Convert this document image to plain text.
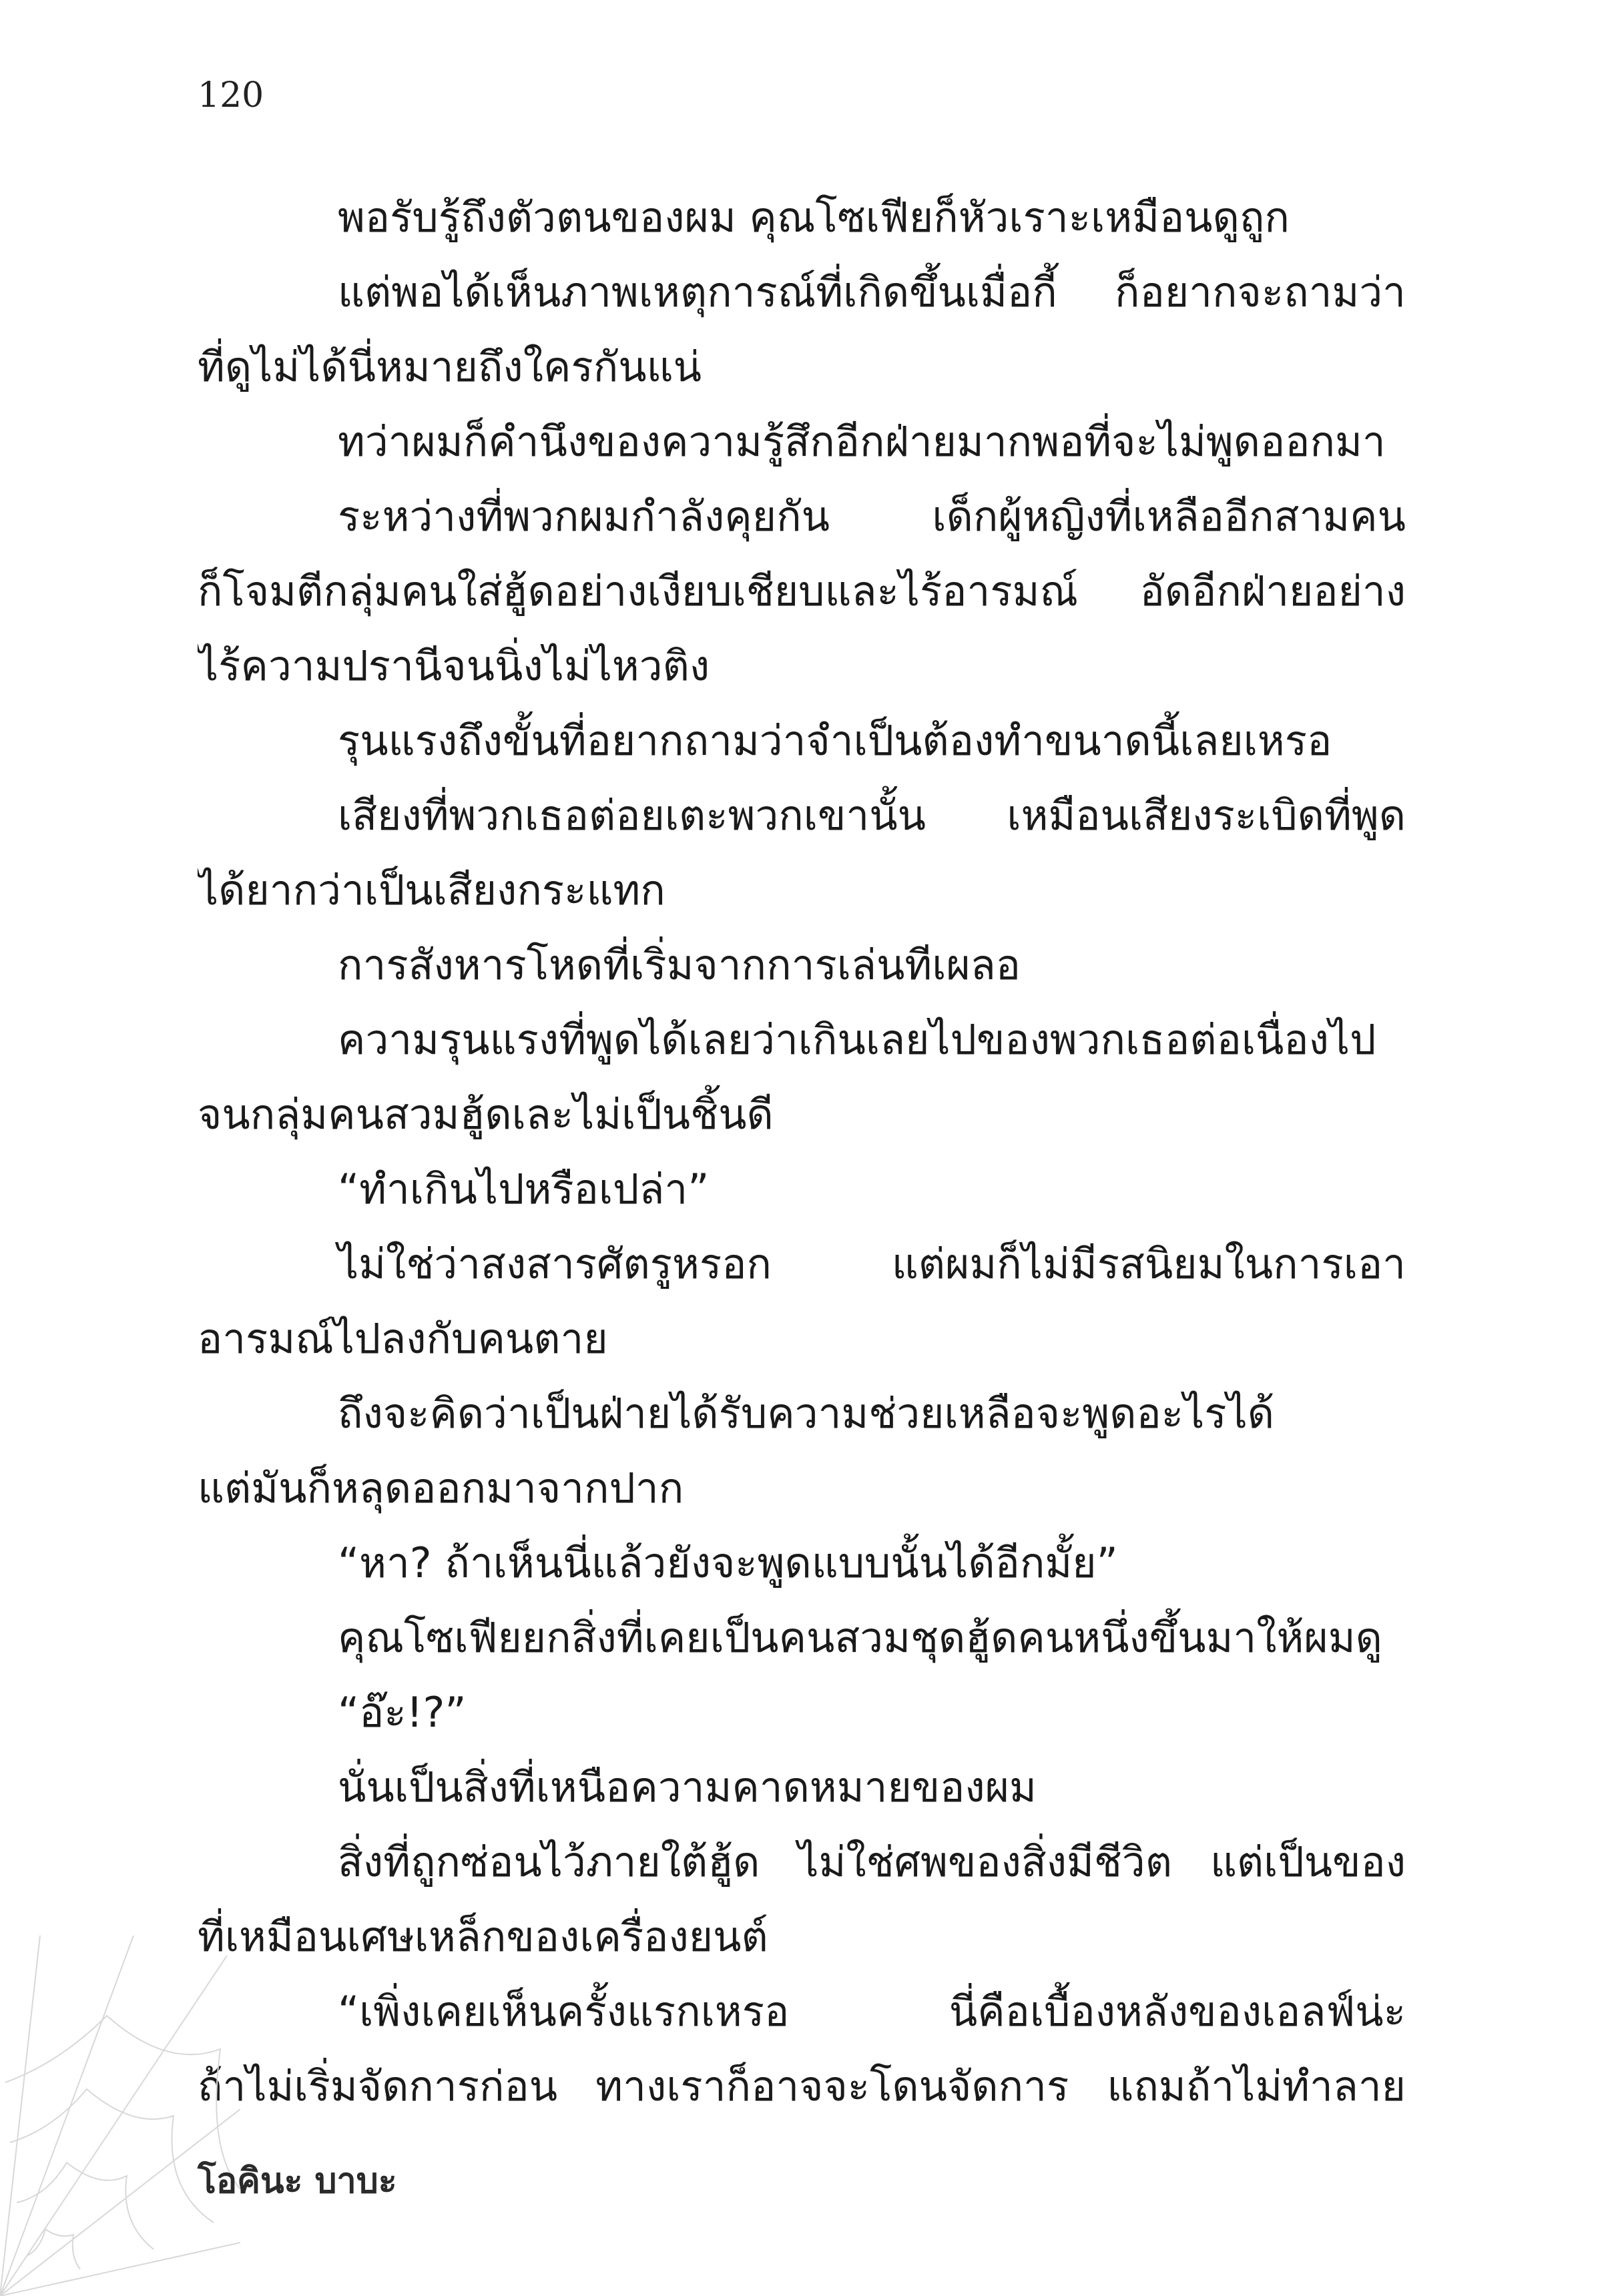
120
พอรับรู้ถึงตัวตนของผม คุณโซเฟียก็หัวเราะเหมือนดูถูก
แต่พอได้เห็นภาพเหตุการณ์ที่เกิดขึ้นเมื่อกี้ ก็อยากจะถามว่า
ที่ดูไม่ได้นี่หมายถึงใครกันแน่
ทว่าผมก็คำนึงของความรู้สึกอีกฝ่ายมากพอที่จะไม่พูดออกมา
ระหว่างที่พวกผมกำลังคุยกัน เด็กผู้หญิงที่เหลืออีกสามคน
ก็โจมตีกลุ่มคนใส่ฮู้ดอย่างเงียบเชียบและไร้อารมณ์ อัดอีกฝ่ายอย่าง
ไร้ความปรานีจนนิ่งไม่ไหวติง
รุนแรงถึงขั้นที่อยากถามว่าจำเป็นต้องทำขนาดนี้เลยเหรอ
เสียงที่พวกเธอต่อยเตะพวกเขานั้น เหมือนเสียงระเบิดที่พูด
ได้ยากว่าเป็นเสียงกระแทก
การสังหารโหดที่เริ่มจากการเล่นทีเผลอ
ความรุนแรงที่พูดได้เลยว่าเกินเลยไปของพวกเธอต่อเนื่องไป
จนกลุ่มคนสวมฮู้ดเละไม่เป็นชิ้นดี
“ทำเกินไปหรือเปล่า”
ไม่ใช่ว่าสงสารศัตรูหรอก แต่ผมก็ไม่มีรสนิยมในการเอา
อารมณ์ไปลงกับคนตาย
ถึงจะคิดว่าเป็นฝ่ายได้รับความช่วยเหลือจะพูดอะไรได้
แต่มันก็หลุดออกมาจากปาก
“หา? ถ้าเห็นนี่แล้วยังจะพูดแบบนั้นได้อีกมั้ย”
คุณโซเฟียยกสิ่งที่เคยเป็นคนสวมชุดฮู้ดคนหนึ่งขึ้นมาให้ผมดู
“อ๊ะ!?”
นั่นเป็นสิ่งที่เหนือความคาดหมายของผม
สิ่งที่ถูกซ่อนไว้ภายใต้ฮู้ด ไม่ใช่ศพของสิ่งมีชีวิต แต่เป็นของ
ที่เหมือนเศษเหล็กของเครื่องยนต์
“เพิ่งเคยเห็นครั้งแรกเหรอ นี่คือเบื้องหลังของเอลฟ์น่ะ
ถ้าไม่เริ่มจัดการก่อน ทางเราก็อาจจะโดนจัดการ แถมถ้าไม่ทำลาย
โอคินะ บาบะ
